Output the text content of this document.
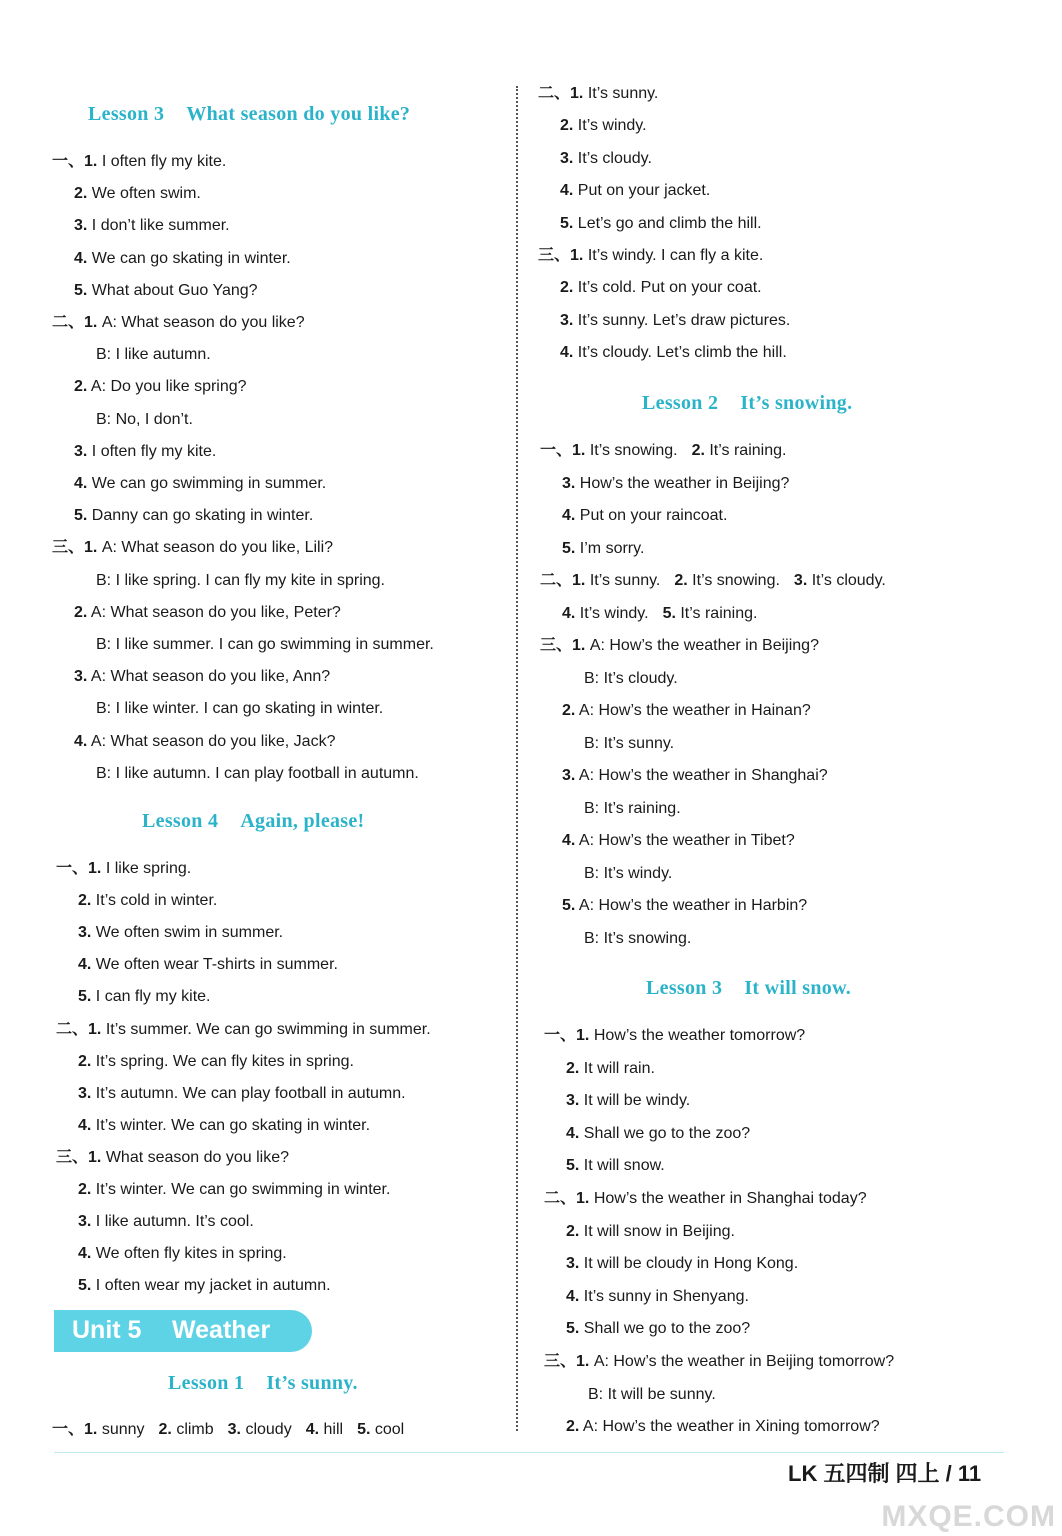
Lesson 3 What season do you like?
一、1. I often fly my kite.
2. We often swim.
3. I don’t like summer.
4. We can go skating in winter.
5. What about Guo Yang?
二、1. A: What season do you like?
B: I like autumn.
2. A: Do you like spring?
B: No, I don’t.
3. I often fly my kite.
4. We can go swimming in summer.
5. Danny can go skating in winter.
三、1. A: What season do you like, Lili?
B: I like spring. I can fly my kite in spring.
2. A: What season do you like, Peter?
B: I like summer. I can go swimming in summer.
3. A: What season do you like, Ann?
B: I like winter. I can go skating in winter.
4. A: What season do you like, Jack?
B: I like autumn. I can play football in autumn.
Lesson 4 Again, please!
一、1. I like spring.
2. It’s cold in winter.
3. We often swim in summer.
4. We often wear T-shirts in summer.
5. I can fly my kite.
二、1. It’s summer. We can go swimming in summer.
2. It’s spring. We can fly kites in spring.
3. It’s autumn. We can play football in autumn.
4. It’s winter. We can go skating in winter.
三、1. What season do you like?
2. It’s winter. We can go swimming in winter.
3. I like autumn. It’s cool.
4. We often fly kites in spring.
5. I often wear my jacket in autumn.
Lesson 1 It’s sunny.
一、1. sunny 2. climb 3. cloudy 4. hill 5. cool
二、1. It’s sunny.
2. It’s windy.
3. It’s cloudy.
4. Put on your jacket.
5. Let’s go and climb the hill.
三、1. It’s windy. I can fly a kite.
2. It’s cold. Put on your coat.
3. It’s sunny. Let’s draw pictures.
4. It’s cloudy. Let’s climb the hill.
Lesson 2 It’s snowing.
一、1. It’s snowing. 2. It’s raining.
3. How’s the weather in Beijing?
4. Put on your raincoat.
5. I’m sorry.
二、1. It’s sunny. 2. It’s snowing. 3. It’s cloudy.
4. It’s windy. 5. It’s raining.
三、1. A: How’s the weather in Beijing?
B: It’s cloudy.
2. A: How’s the weather in Hainan?
B: It’s sunny.
3. A: How’s the weather in Shanghai?
B: It’s raining.
4. A: How’s the weather in Tibet?
B: It’s windy.
5. A: How’s the weather in Harbin?
B: It’s snowing.
Lesson 3 It will snow.
一、1. How’s the weather tomorrow?
2. It will rain.
3. It will be windy.
4. Shall we go to the zoo?
5. It will snow.
二、1. How’s the weather in Shanghai today?
2. It will snow in Beijing.
3. It will be cloudy in Hong Kong.
4. It’s sunny in Shenyang.
5. Shall we go to the zoo?
三、1. A: How’s the weather in Beijing tomorrow?
B: It will be sunny.
2. A: How’s the weather in Xining tomorrow?
Unit 5 Weather
LK 五四制 四上 / 11
MXQE.COM
